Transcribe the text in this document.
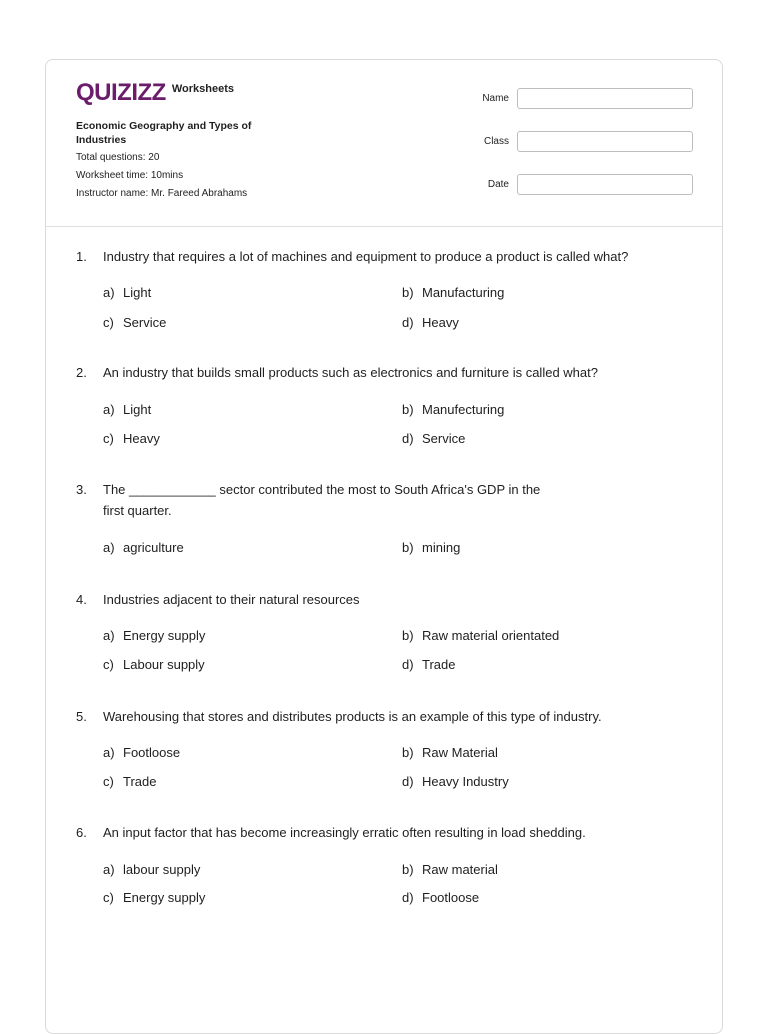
QUIZIZZ Worksheets
Economic Geography and Types of Industries
Total questions: 20
Worksheet time: 10mins
Instructor name: Mr. Fareed Abrahams
Name
Class
Date
1. Industry that requires a lot of machines and equipment to produce a product is called what?
a) Light	b) Manufacturing
c) Service	d) Heavy
2. An industry that builds small products such as electronics and furniture is called what?
a) Light	b) Manufecturing
c) Heavy	d) Service
3. The ____________ sector contributed the most to South Africa's GDP in the first quarter.
a) agriculture	b) mining
4. Industries adjacent to their natural resources
a) Energy supply	b) Raw material orientated
c) Labour supply	d) Trade
5. Warehousing that stores and distributes products is an example of this type of industry.
a) Footloose	b) Raw Material
c) Trade	d) Heavy Industry
6. An input factor that has become increasingly erratic often resulting in load shedding.
a) labour supply	b) Raw material
c) Energy supply	d) Footloose
